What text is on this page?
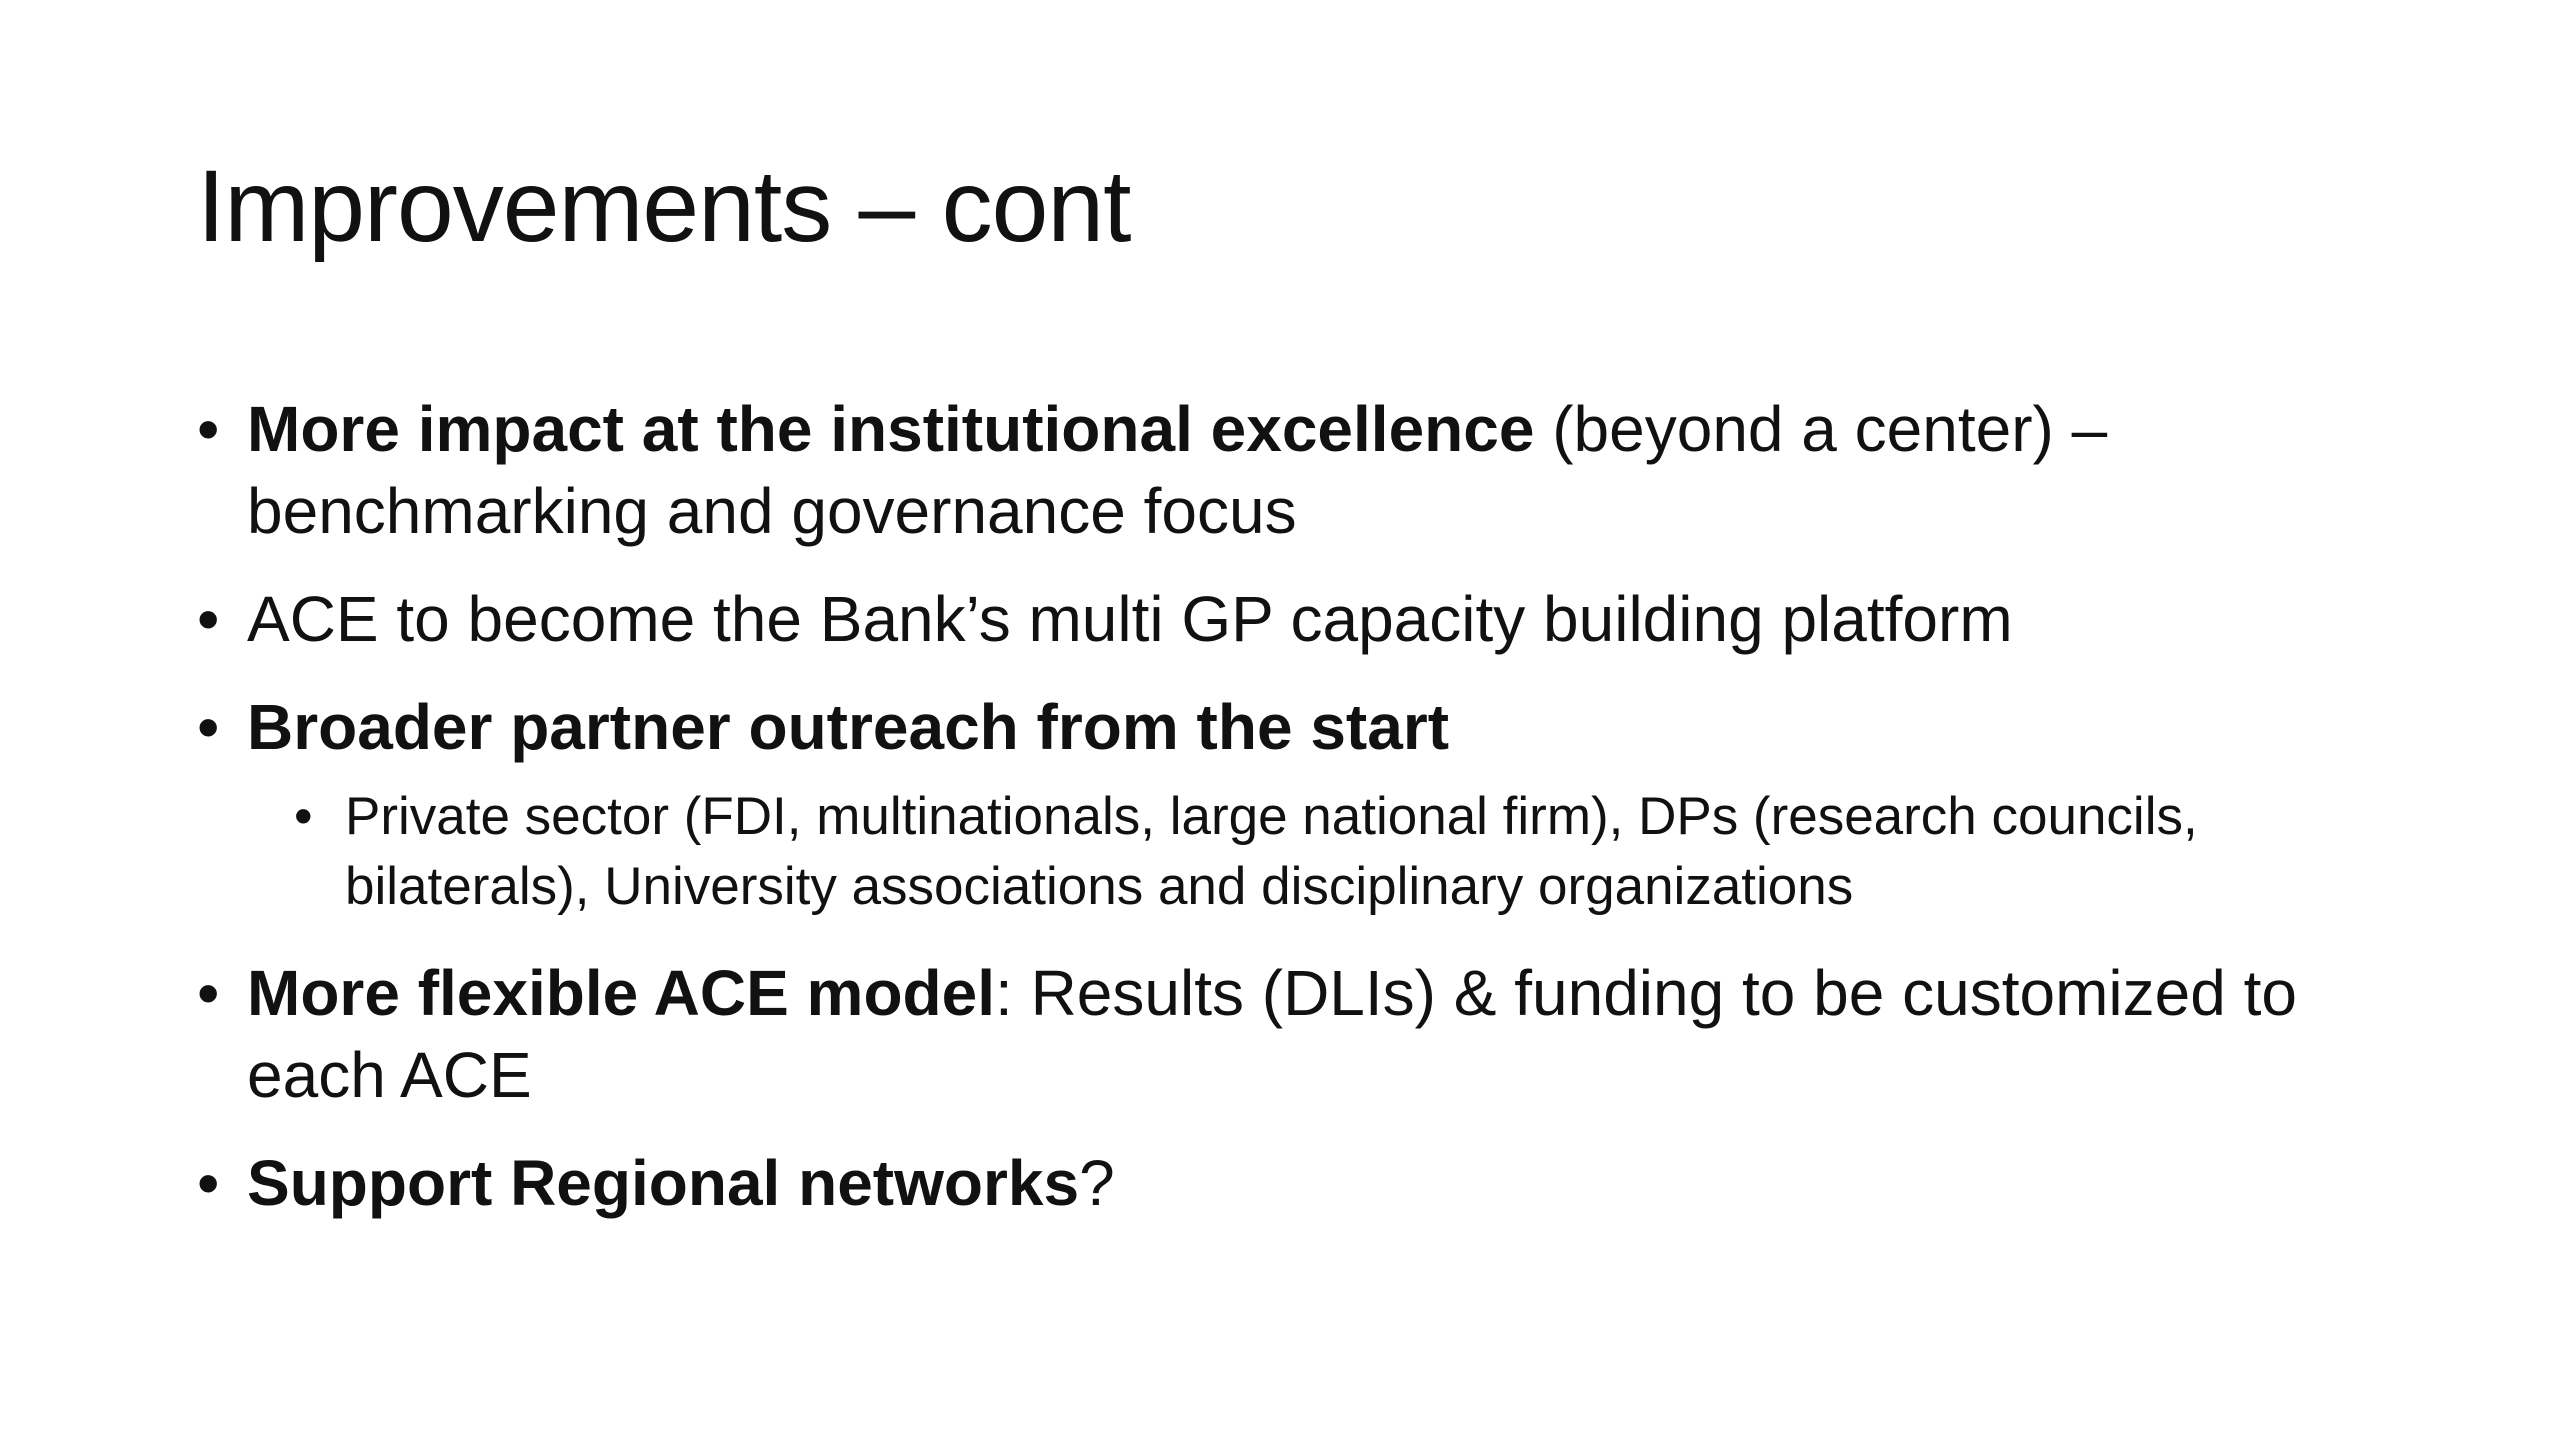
Improvements – cont
• More impact at the institutional excellence (beyond a center) – benchmarking and governance focus
• ACE to become the Bank’s multi GP capacity building platform
• Broader partner outreach from the start
• Private sector (FDI, multinationals, large national firm), DPs (research councils, bilaterals), University associations and disciplinary organizations
• More flexible ACE model: Results (DLIs) & funding to be customized to each ACE
• Support Regional networks?
